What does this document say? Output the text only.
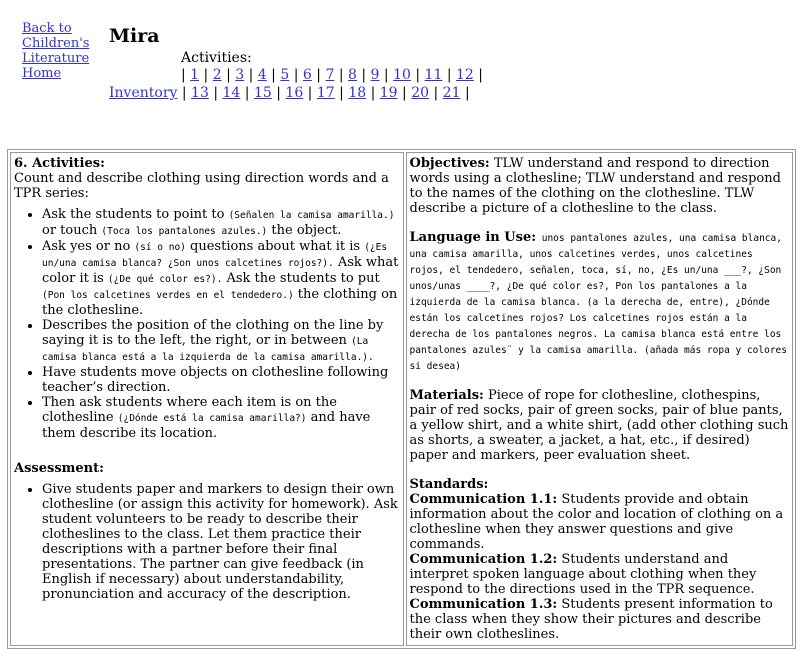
Back to Children's Literature Home
Mira
Activities:
| 1 | 2 | 3 | 4 | 5 | 6 | 7 | 8 | 9 | 10 | 11 | 12 |
Inventory | 13 | 14 | 15 | 16 | 17 | 18 | 19 | 20 | 21 |

6. Activities:

Count and describe clothing using direction words and a TPR series:

• Ask the students to point to (Señalen la camisa amarilla.) or touch (Toca los pantalones azules.) the object.
• Ask yes or no (sí o no) questions about what it is (¿Es un/una camisa blanca? ¿Son unos calcetines rojos?). Ask what color it is (¿De qué color es?). Ask the students to put (Pon los calcetines verdes en el tendedero.) the clothing on the clothesline.
• Describes the position of the clothing on the line by saying it is to the left, the right, or in between (La camisa blanca está a la izquierda de la camisa amarilla.).
• Have students move objects on clothesline following teacher’s direction.
• Then ask students where each item is on the clothesline (¿Dónde está la camisa amarilla?) and have them describe its location.

Assessment:

• Give students paper and markers to design their own clothesline (or assign this activity for homework). Ask student volunteers to be ready to describe their clotheslines to the class. Let them practice their descriptions with a partner before their final presentations. The partner can give feedback (in English if necessary) about understandability, pronunciation and accuracy of the description.

Objectives: TLW understand and respond to direction words using a clothesline; TLW understand and respond to the names of the clothing on the clothesline. TLW describe a picture of a clothesline to the class.

Language in Use: unos pantalones azules, una camisa blanca, una camisa amarilla, unos calcetines verdes, unos calcetines rojos, el tendedero, señalen, toca, sí, no, ¿Es un/una ___?, ¿Son unos/unas ____?, ¿De qué color es?, Pon los pantalones a la izquierda de la camisa blanca. (a la derecha de, entre), ¿Dónde están los calcetines rojos? Los calcetines rojos están a la derecha de los pantalones negros. La camisa blanca está entre los pantalones azules¨ y la camisa amarilla. (añada más ropa y colores si desea)

Materials: Piece of rope for clothesline, clothespins, pair of red socks, pair of green socks, pair of blue pants, a yellow shirt, and a white shirt, (add other clothing such as shorts, a sweater, a jacket, a hat, etc., if desired) paper and markers, peer evaluation sheet.

Standards:

Communication 1.1: Students provide and obtain information about the color and location of clothing on a clothesline when they answer questions and give commands.

Communication 1.2: Students understand and interpret spoken language about clothing when they respond to the directions used in the TPR sequence.

Communication 1.3: Students present information to the class when they show their pictures and describe their own clotheslines.
